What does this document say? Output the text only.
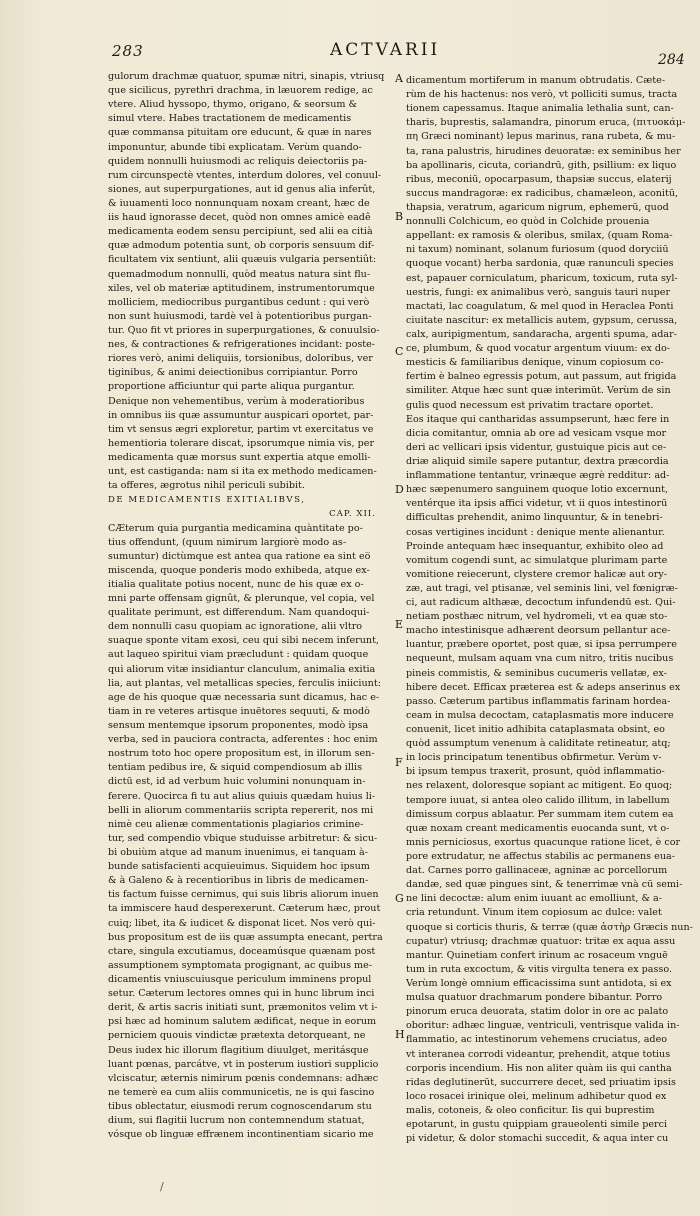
283	ACTVARII	284
gulorum drachmæ quatuor, spumæ nitri, sinapis, vtriusq
que sicilicus, pyrethri drachma, in læuorem redige, ac
vtere. Aliud hyssopo, thymo, origano, & seorsum &
simul vtere. Habes tractationem de medicamentis
quæ commansa pituitam ore educunt, & quæ in nares
imponuntur, abunde tibi explicatam. Verùm quando-
quidem nonnulli huiusmodi ac reliquis deiectoriis pa-
rum circunspectè vtentes, interdum dolores, vel conuul-
siones, aut superpurgationes, aut id genus alia inferût,
& iuuamenti loco nonnunquam noxam creant, hæc de
iis haud ignorasse decet, quòd non omnes amicè eadê
medicamenta eodem sensu percipiunt, sed alii ea citià
quæ admodum potentia sunt, ob corporis sensuum dif-
ficultatem vix sentiunt, alii quæuis vulgaria persentiût:
quemadmodum nonnulli, quòd meatus natura sint flu-
xiles, vel ob materiæ aptitudinem, instrumentorumque
molliciem, mediocribus purgantibus cedunt : qui verò
non sunt huiusmodi, tardè vel à potentioribus purgan-
tur. Quo fit vt priores in superpurgationes, & conuulsio-
nes, & contractiones & refrigerationes incidant: poste-
riores verò, animi deliquiis, torsionibus, doloribus, ver
tiginibus, & animi deiectionibus corripiantur. Porro
proportione afficiuntur qui parte aliqua purgantur.
Denique non vehementibus, verùm à moderatioribus
in omnibus iis quæ assumuntur auspicari oportet, par-
tim vt sensus ægri exploretur, partim vt exercitatus ve
hementioria tolerare discat, ipsorumque nimia vis, per
medicamenta quæ morsus sunt expertia atque emolli-
unt, est castiganda: nam si ita ex methodo medicamen-
ta offeres, ægrotus nihil periculi subibit.
DE MEDICAMENTIS EXITIALIBVS,
CAP. XII.
CÆterum quia purgantia medicamina quàntitate po-
tius offendunt, (quum nimirum largiorè modo as-
sumuntur) dictùmque est antea qua ratione ea sint eo̅
miscenda, quoque ponderis modo exhibeda, atque ex-
itialia qualitate potius nocent, nunc de his quæ ex o-
mni parte offensam gignût, & plerunque, vel copia, vel
qualitate perimunt, est differendum. Nam quandoqui-
dem nonnulli casu quopiam ac ignoratione, alii vltro
suaque sponte vitam exosi, ceu qui sibi necem inferunt,
aut laqueo spiritui viam præcludunt : quidam quoque
qui aliorum vitæ insidiantur clanculum, animalia exitia
lia, aut plantas, vel metallicas species, ferculis iniiciunt:
age de his quoque quæ necessaria sunt dicamus, hac e-
tiam in re veteres artisque inuētores sequuti, & modò
sensum mentemque ipsorum proponentes, modò ipsa
verba, sed in pauciora contracta, adferentes : hoc enim
nostrum toto hoc opere propositum est, in illorum sen-
tentiam pedibus ire, & siquid compendiosum ab illis
dictū est, id ad verbum huic volumini nonunquam in-
ferere. Quocirca fi tu aut alius quiuis quædam huius li-
belli in aliorum commentariis scripta repererit, nos mi
nimè ceu alienæ commentationis plagiarios crimine-
tur, sed compendio vbique studuisse arbitretur: & sicu-
bi obuiùm atque ad manum inuenimus, ei tanquam à-
bunde satisfacienti acquieuimus. Siquidem hoc ipsum
& à Galeno & à recentioribus in libris de medicamen-
tis factum fuisse cernimus, qui suis libris aliorum inuen
ta immiscere haud desperexerunt. Cæterum hæc, prout
cuiq; libet, ita & iudicet & disponat licet. Nos verò qui-
bus propositum est de iis quæ assumpta enecant, pertra
ctare, singula excutiamus, doceamúsque quænam post
assumptionem symptomata progignant, ac quibus me-
dicamentis vniuscuiusque periculum imminens propul
setur. Cæterum lectores omnes qui in hunc librum inci
derit, & artis sacris initiati sunt, præmonitos velim vt i-
psi hæc ad hominum salutem ædificat, neque in eorum
perniciem quouis vindictæ prætexta detorqueant, ne
Deus iudex hic illorum flagitium diuulget, meritásque
luant pœnas, parcátve, vt in posterum iustiori supplicio
vlciscatur, æternis nimirum pœnis condemnans: adhæc
ne temerè ea cum aliis communicetis, ne is qui fascino
tibus oblectatur, eiusmodi rerum cognoscendarum stu
dium, sui flagitii lucrum non contemnendum statuat,
vósque ob linguæ effrænem incontinentiam sicario me
dicamentum mortiferum in manum obtrudatis. Cæte-
rùm de his hactenus: nos verò, vt polliciti sumus, tracta
tionem capessamus. Itaque animalia lethalia sunt, can-
tharis, buprestis, salamandra, pinorum eruca, (πιτυοκάμ-
πη Græci nominant) lepus marinus, rana rubeta, & mu-
ta, rana palustris, hirudines deuoratæ: ex seminibus her
ba apollinaris, cicuta, coriandrū, gith, psillium: ex liquo
ribus, meconiū, opocarpasum, thapsiæ succus, elaterij
succus mandragoræ: ex radicibus, chamæleon, aconitū,
thapsia, veratrum, agaricum nigrum, ephemerū, quod
nonnulli Colchicum, eo quòd in Colchide prouenia
appellant: ex ramosis & oleribus, smilax, (quam Roma-
ni taxum) nominant, solanum furiosum (quod doryciiū
quoque vocant) herba sardonia, quæ ranunculi species
est, papauer corniculatum, pharicum, toxicum, ruta syl-
uestris, fungi: ex animalibus verò, sanguis tauri nuper
mactati, lac coagulatum, & mel quod in Heraclea Ponti
ciuitate nascitur: ex metallicis autem, gypsum, cerussa,
calx, auripigmentum, sandaracha, argenti spuma, adar-
ce, plumbum, & quod vocatur argentum viuum: ex do-
mesticis & familiaribus denique, vinum copiosum co-
fertim è balneo egressis potum, aut passum, aut frigida
similiter. Atque hæc sunt quæ interimūt. Verùm de sin
gulis quod necessum est privatim tractare oportet.
Eos itaque qui cantharidas assumpserunt, hæc fere in
dicia comitantur, omnia ab ore ad vesicam vsque mor
deri ac vellicari ipsis videntur, gustuique picis aut ce-
driæ aliquid simile sapere putantur, dextra præcordia
inflammatione tentantur, vrinæque ægrè redditur: ad-
hæc sæpenumero sanguinem quoque lotio excernunt,
ventérque ita ipsis affici videtur, vt ii quos intestinorū
difficultas prehendit, animo linquuntur, & in tenebri-
cosas vertigines incidunt : denique mente alienantur.
Proinde antequam hæc insequantur, exhibito oleo ad
vomitum cogendi sunt, ac simulatque plurimam parte
vomitione reiecerunt, clystere cremor halicæ aut ory-
zæ, aut tragi, vel ptisanæ, vel seminis lini, vel fœnigræ-
ci, aut radicum althææ, decoctum infundendū est. Qui-
netiam posthæc nitrum, vel hydromeli, vt ea quæ sto-
macho intestinisque adhærent deorsum pellantur ace-
luantur, præbere oportet, post quæ, si ipsa perrumpere
nequeunt, mulsam aquam vna cum nitro, tritis nucibus
pineis commistis, & seminibus cucumeris vellatæ, ex-
hibere decet. Efficax præterea est & adeps anserinus ex
passo. Cæterum partibus inflammatis farinam hordea-
ceam in mulsa decoctam, cataplasmatis more inducere
conuenit, licet initio adhibita cataplasmata obsint, eo
quòd assumptum venenum à caliditate retineatur, atq;
in locis principatum tenentibus obfirmetur. Verùm v-
bi ipsum tempus traxerit, prosunt, quòd inflammatio-
nes relaxent, doloresque sopiant ac mitigent. Eo quoq;
tempore iuuat, si antea oleo calido illitum, in labellum
dimissum corpus ablaatur. Per summam item cutem ea
quæ noxam creant medicamentis euocanda sunt, vt o-
mnis perniciosus, exortus quacunque ratione licet, è cor
pore extrudatur, ne affectus stabilis ac permanens eua-
dat. Carnes porro gallinaceæ, agninæ ac porcellorum
dandæ, sed quæ pingues sint, & tenerrimæ vnà cū semi-
ne lini decoctæ: alum enim iuuant ac emolliunt, & a-
cria retundunt. Vinum item copiosum ac dulce: valet
quoque si corticis thuris, & terræ (quæ ἀστὴρ Græcis nun-
cupatur) vtriusq; drachmæ quatuor: tritæ ex aqua assu
mantur. Quinetiam confert irinum ac rosaceum vnguē
tum in ruta excoctum, & vitis virgulta tenera ex passo.
Verùm longè omnium efficacissima sunt antidota, si ex
mulsa quatuor drachmarum pondere bibantur. Porro
pinorum eruca deuorata, statim dolor in ore ac palato
oboritur: adhæc linguæ, ventriculi, ventrisque valida in-
flammatio, ac intestinorum vehemens cruciatus, adeo
vt interanea corrodi videantur, prehendit, atque totius
corporis incendium. His non aliter quàm iis qui cantha
ridas deglutinerūt, succurrere decet, sed priuatim ipsis
loco rosacei irinique olei, melinum adhibetur quod ex
malis, cotoneis, & oleo conficitur. Iis qui buprestim
epotarunt, in gustu quippiam graueolenti simile perci
pi videtur, & dolor stomachi succedit, & aqua inter cu
A
B
C
D
E
F
G
H
/
